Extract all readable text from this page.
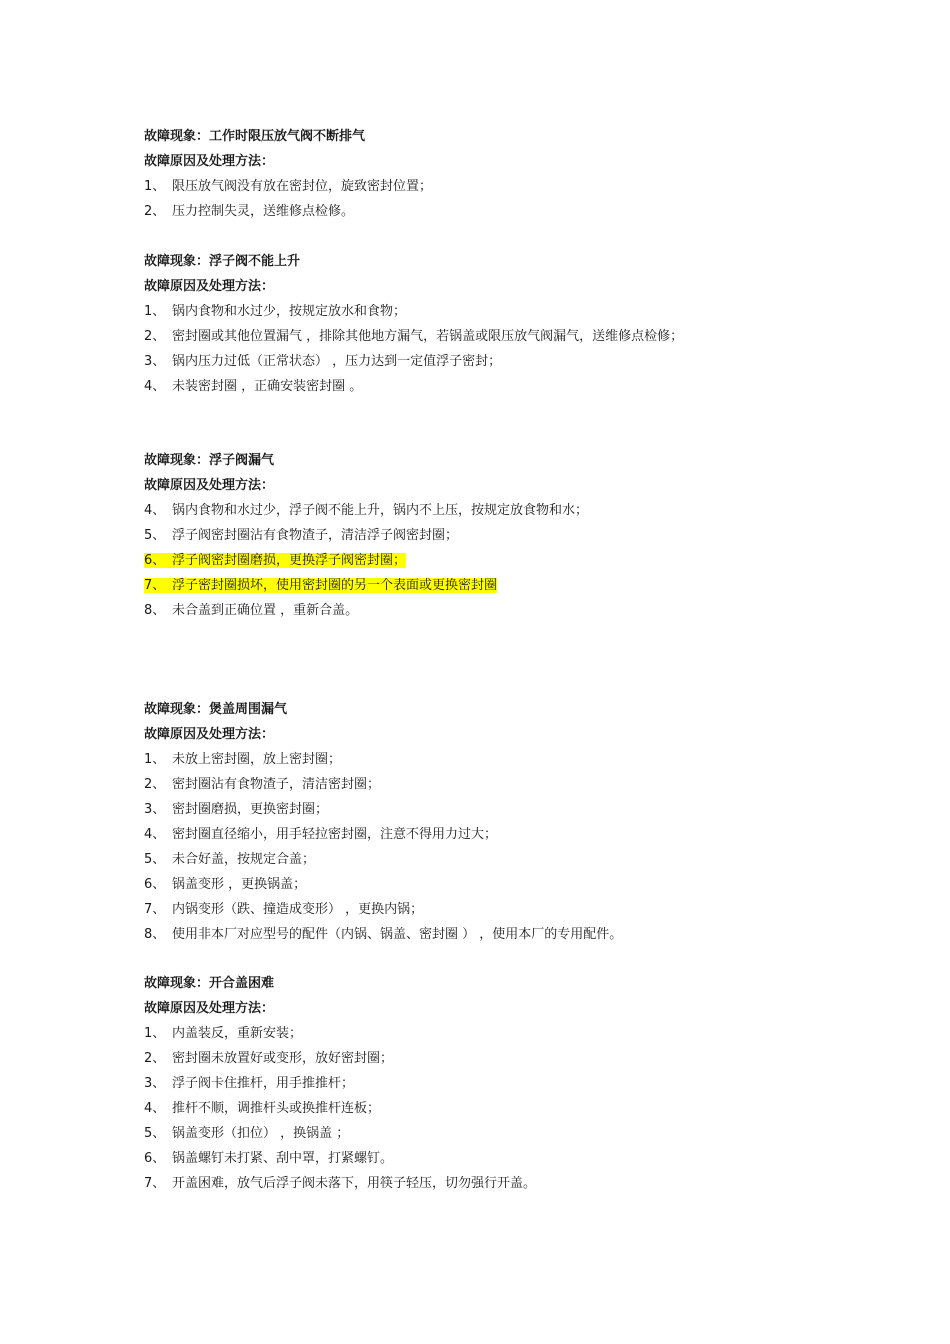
故障现象：工作时限压放气阀不断排气
故障原因及处理方法：
1、 限压放气阀没有放在密封位，旋致密封位置；
2、 压力控制失灵，送维修点检修。
故障现象：浮子阀不能上升
故障原因及处理方法：
1、 锅内食物和水过少，按规定放水和食物；
2、 密封圈或其他位置漏气 ，排除其他地方漏气，若锅盖或限压放气阀漏气，送维修点检修；
3、 锅内压力过低（正常状态） ，压力达到一定值浮子密封；
4、 未装密封圈 ，正确安装密封圈 。
故障现象：浮子阀漏气
故障原因及处理方法：
4、 锅内食物和水过少，浮子阀不能上升，锅内不上压，按规定放食物和水；
5、 浮子阀密封圈沾有食物渣子，清洁浮子阀密封圈；
6、 浮子阀密封圈磨损，更换浮子阀密封圈；
7、 浮子密封圈损坏，使用密封圈的另一个表面或更换密封圈
8、 未合盖到正确位置 ，重新合盖。
故障现象：煲盖周围漏气
故障原因及处理方法：
1、 未放上密封圈，放上密封圈；
2、 密封圈沾有食物渣子，清洁密封圈；
3、 密封圈磨损，更换密封圈；
4、 密封圈直径缩小，用手轻拉密封圈，注意不得用力过大；
5、 未合好盖，按规定合盖；
6、 锅盖变形 ，更换锅盖；
7、 内锅变形（跌、撞造成变形） ，更换内锅；
8、 使用非本厂对应型号的配件（内锅、锅盖、密封圈 ） ，使用本厂的专用配件。
故障现象：开合盖困难
故障原因及处理方法：
1、 内盖装反，重新安装；
2、 密封圈未放置好或变形，放好密封圈；
3、 浮子阀卡住推杆，用手推推杆；
4、 推杆不顺，调推杆头或换推杆连板；
5、 锅盖变形（扣位） ，换锅盖 ；
6、 锅盖螺钉未打紧、刮中罩，打紧螺钉。
7、 开盖困难，放气后浮子阀未落下，用筷子轻压，切勿强行开盖。
